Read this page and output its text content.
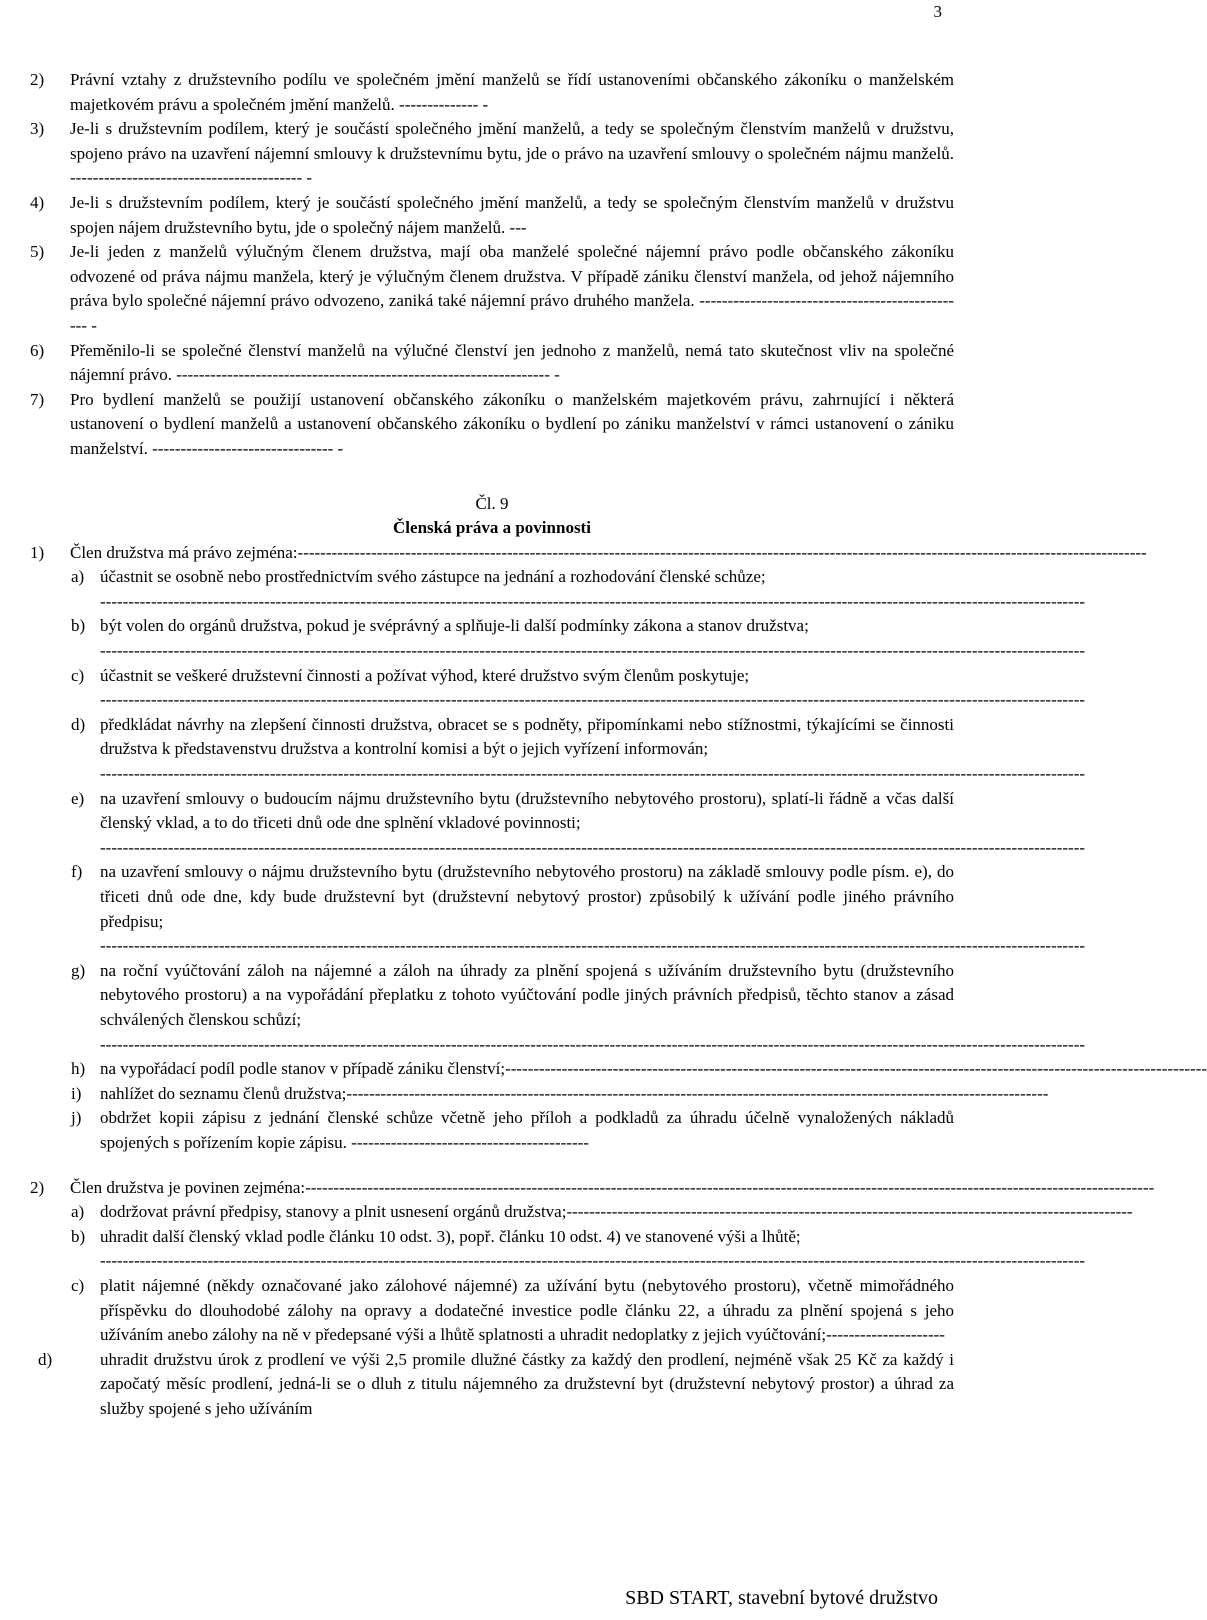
3
2) Právní vztahy z družstevního podílu ve společném jmění manželů se řídí ustanoveními občanského zákoníku o manželském majetkovém právu a společném jmění manželů. -------------- -
3) Je-li s družstevním podílem, který je součástí společného jmění manželů, a tedy se společným členstvím manželů v družstvu, spojeno právo na uzavření nájemní smlouvy k družstevnímu bytu, jde o právo na uzavření smlouvy o společném nájmu manželů. ----------------------------------------- -
4) Je-li s družstevním podílem, který je součástí společného jmění manželů, a tedy se společným členstvím manželů v družstvu spojen nájem družstevního bytu, jde o společný nájem manželů. ---
5) Je-li jeden z manželů výlučným členem družstva, mají oba manželé společné nájemní právo podle občanského zákoníku odvozené od práva nájmu manžela, který je výlučným členem družstva. V případě zániku členství manžela, od jehož nájemního práva bylo společné nájemní právo odvozeno, zaniká také nájemní právo druhého manžela. ------------------------------------------------ -
6) Přeměnilo-li se společné členství manželů na výlučné členství jen jednoho z manželů, nemá tato skutečnost vliv na společné nájemní právo. ------------------------------------------------------------------ -
7) Pro bydlení manželů se použijí ustanovení občanského zákoníku o manželském majetkovém právu, zahrnující i některá ustanovení o bydlení manželů a ustanovení občanského zákoníku o bydlení po zániku manželství v rámci ustanovení o zániku manželství. -------------------------------- -
Čl. 9
Členská práva a povinnosti
1) Člen družstva má právo zejména: ------------------------------------------------------------------------------------------------------------------------------------------------------
a) účastnit se osobně nebo prostřednictvím svého zástupce na jednání a rozhodování členské schůze;
------------------------------------------------------------------------------------------------------------------------------------------------------------------------------
b) být volen do orgánů družstva, pokud je svéprávný a splňuje-li další podmínky zákona a stanov družstva;
------------------------------------------------------------------------------------------------------------------------------------------------------------------------------
c) účastnit se veškeré družstevní činnosti a požívat výhod, které družstvo svým členům poskytuje;
------------------------------------------------------------------------------------------------------------------------------------------------------------------------------
d) předkládat návrhy na zlepšení činnosti družstva, obracet se s podněty, připomínkami nebo stížnostmi, týkajícími se činnosti družstva k představenstvu družstva a kontrolní komisi a být o jejich vyřízení informován;
------------------------------------------------------------------------------------------------------------------------------------------------------------------------------
e) na uzavření smlouvy o budoucím nájmu družstevního bytu (družstevního nebytového prostoru), splatí-li řádně a včas další členský vklad, a to do třiceti dnů ode dne splnění vkladové povinnosti;
------------------------------------------------------------------------------------------------------------------------------------------------------------------------------
f) na uzavření smlouvy o nájmu družstevního bytu (družstevního nebytového prostoru) na základě smlouvy podle písm. e), do třiceti dnů ode dne, kdy bude družstevní byt (družstevní nebytový prostor) způsobilý k užívání podle jiného právního předpisu;
------------------------------------------------------------------------------------------------------------------------------------------------------------------------------
g) na roční vyúčtování záloh na nájemné a záloh na úhrady za plnění spojená s užíváním družstevního bytu (družstevního nebytového prostoru) a na vypořádání přeplatku z tohoto vyúčtování podle jiných právních předpisů, těchto stanov a zásad schválených členskou schůzí;
------------------------------------------------------------------------------------------------------------------------------------------------------------------------------
h) na vypořádací podíl podle stanov v případě zániku členství; ----------------------------------------------------------------------------------------------------------------------------
i) nahlížet do seznamu členů družstva; ----------------------------------------------------------------------------------------------------------------------------
j) obdržet kopii zápisu z jednání členské schůze včetně jeho příloh a podkladů za úhradu účelně vynaložených nákladů spojených s pořízením kopie zápisu. ------------------------------------------
2) Člen družstva je povinen zejména: ------------------------------------------------------------------------------------------------------------------------------------------------------
a) dodržovat právní předpisy, stanovy a plnit usnesení orgánů družstva; ----------------------------------------------------------------------------------------------------
b) uhradit další členský vklad podle článku 10 odst. 3), popř. článku 10 odst. 4) ve stanovené výši a lhůtě;
------------------------------------------------------------------------------------------------------------------------------------------------------------------------------
c) platit nájemné (někdy označované jako zálohové nájemné) za užívání bytu (nebytového prostoru), včetně mimořádného příspěvku do dlouhodobé zálohy na opravy a dodatečné investice podle článku 22, a úhradu za plnění spojená s jeho užíváním anebo zálohy na ně v předepsané výši a lhůtě splatnosti a uhradit nedoplatky z jejich vyúčtování;---------------------
d)	uhradit družstvu úrok z prodlení ve výši 2,5 promile dlužné částky za každý den prodlení, nejméně však 25 Kč za každý i započatý měsíc prodlení, jedná-li se o dluh z titulu nájemného za družstevní byt (družstevní nebytový prostor) a úhrad za služby spojené s jeho užíváním
SBD START, stavební bytové družstvo
